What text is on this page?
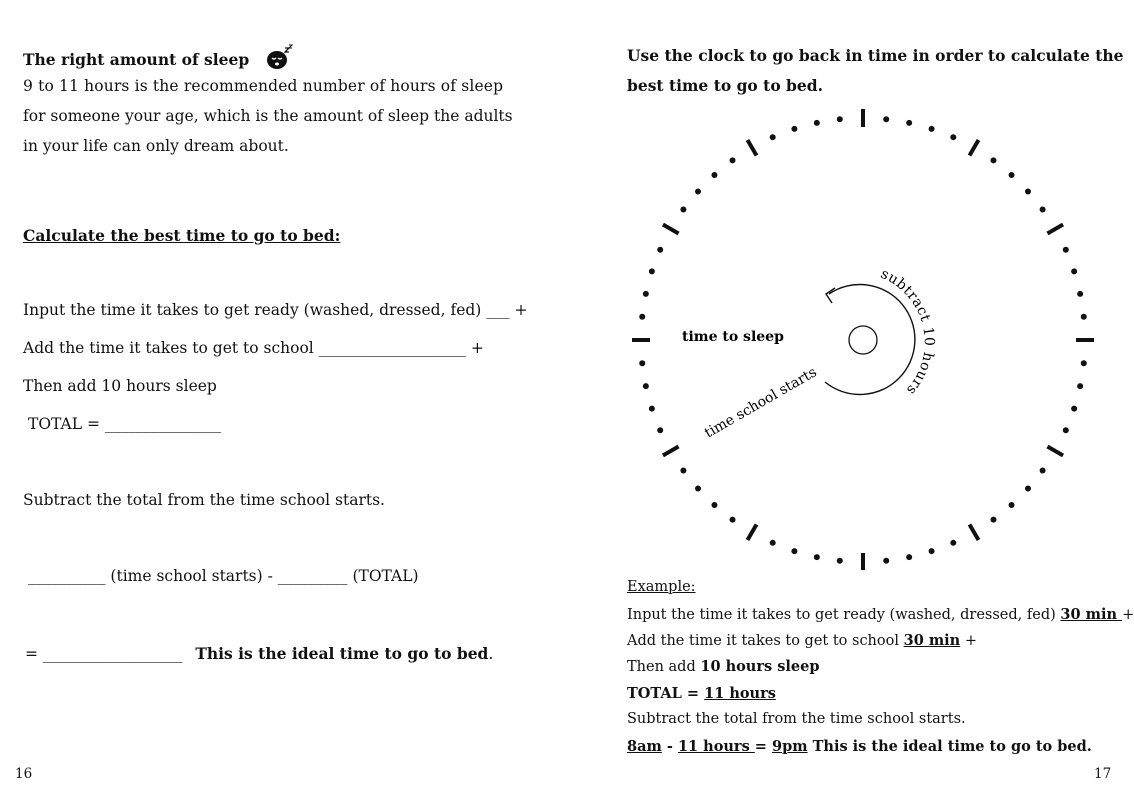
The right amount of sleep
9 to 11 hours is the recommended number of hours of sleep
for someone your age, which is the amount of sleep the adults
in your life can only dream about.
Calculate the best time to go to bed:
Input the time it takes to get ready (washed, dressed, fed) ___ +
Add the time it takes to get to school ___________________ +
Then add 10 hours sleep
TOTAL = _______________
Subtract the total from the time school starts.
__________ (time school starts) - _________ (TOTAL)
= __________________ This is the ideal time to go to bed.
16
Use the clock to go back in time in order to calculate the
best time to go to bed.
time to sleep
time school starts
subtract 10 hours
Example:
Input the time it takes to get ready (washed, dressed, fed) 30 min +
Add the time it takes to get to school 30 min +
Then add 10 hours sleep
TOTAL = 11 hours
Subtract the total from the time school starts.
8am - 11 hours = 9pm This is the ideal time to go to bed.
17
